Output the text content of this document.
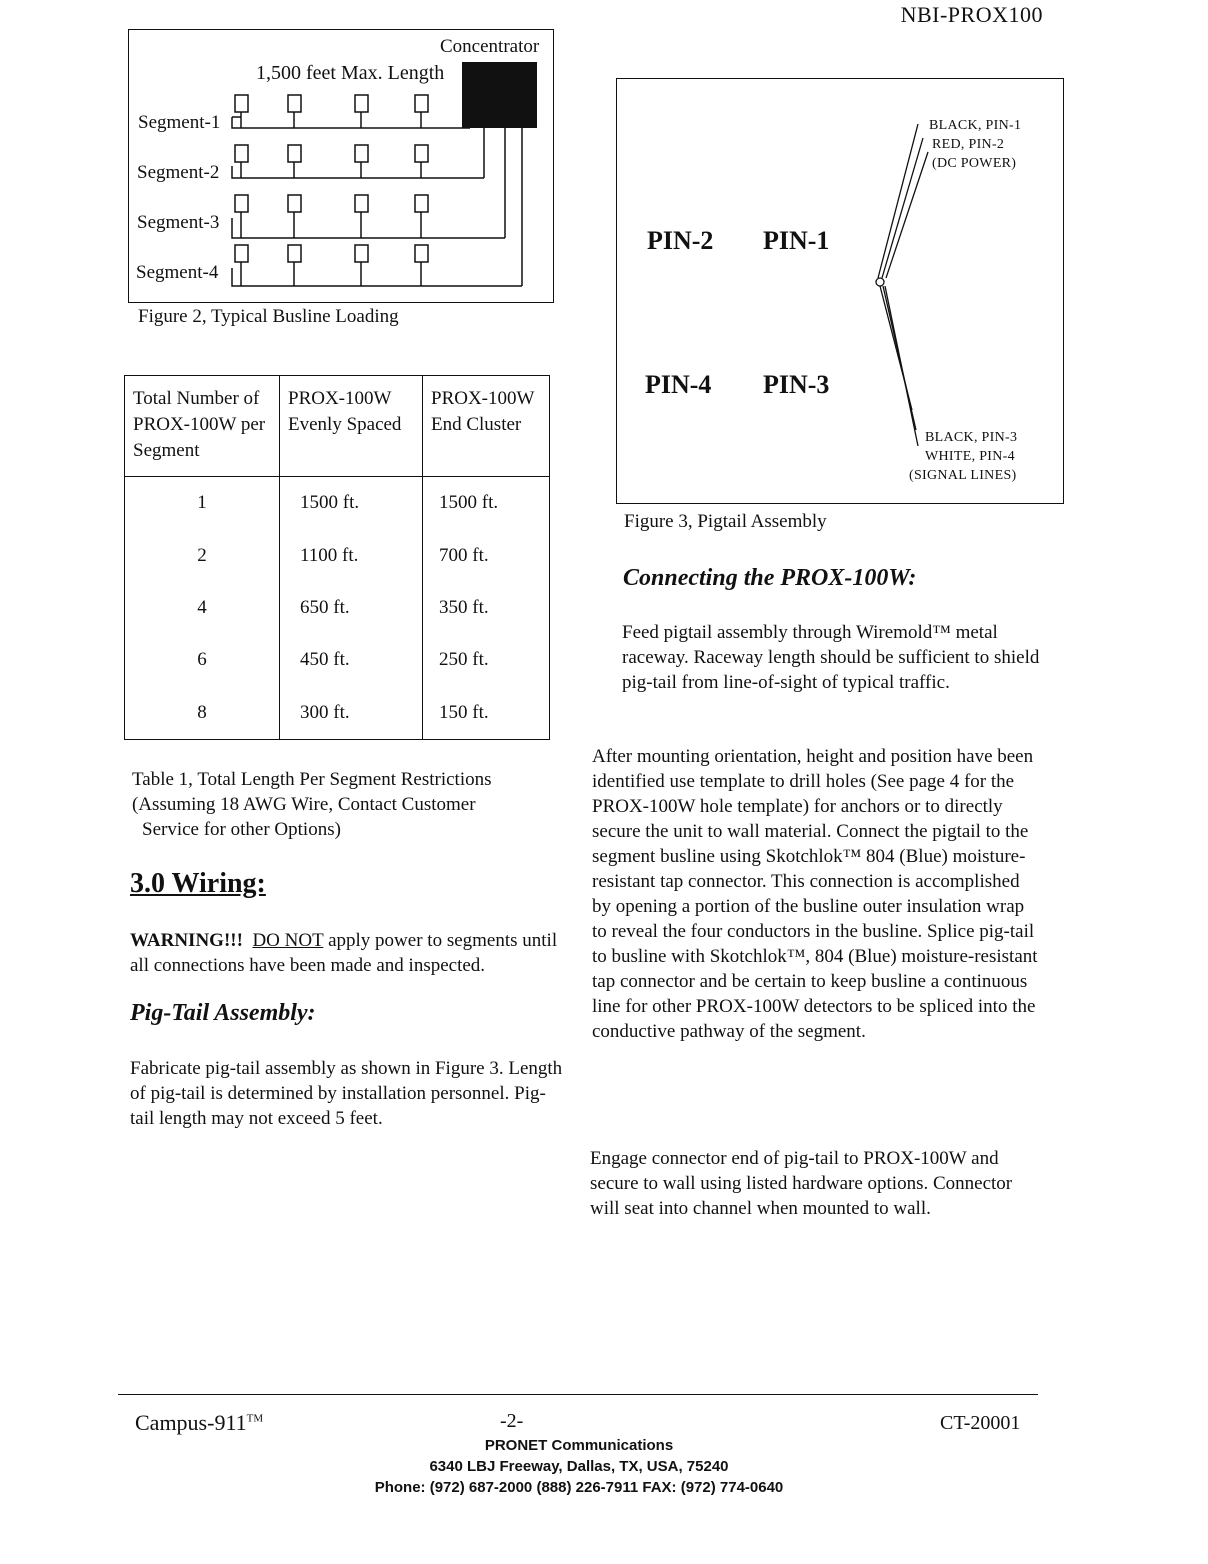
NBI-PROX100
Concentrator
1,500 feet Max. Length
Segment-1
Segment-2
Segment-3
Segment-4
Figure 2, Typical Busline Loading
Total Number of PROX-100W per Segment	PROX-100W Evenly Spaced	PROX-100W End Cluster
1	1500 ft.	1500 ft.
2	1100 ft.	700 ft.
4	650 ft.	350 ft.
6	450 ft.	250 ft.
8	300 ft.	150 ft.
Table 1, Total Length Per Segment Restrictions
(Assuming 18 AWG Wire, Contact Customer
Service for other Options)
3.0 Wiring:
WARNING!!! DO NOT apply power to segments until all connections have been made and inspected.
Pig-Tail Assembly:
Fabricate pig-tail assembly as shown in Figure 3. Length of pig-tail is determined by installation personnel. Pig-tail length may not exceed 5 feet.
PIN-2 PIN-1
PIN-4 PIN-3
BLACK, PIN-1
RED, PIN-2
(DC POWER)
BLACK, PIN-3
WHITE, PIN-4
(SIGNAL LINES)
Figure 3, Pigtail Assembly
Connecting the PROX-100W:
Feed pigtail assembly through Wiremold™ metal raceway. Raceway length should be sufficient to shield pig-tail from line-of-sight of typical traffic.
After mounting orientation, height and position have been identified use template to drill holes (See page 4 for the PROX-100W hole template) for anchors or to directly secure the unit to wall material. Connect the pigtail to the segment busline using Skotchlok™ 804 (Blue) moisture-resistant tap connector. This connection is accomplished by opening a portion of the busline outer insulation wrap to reveal the four conductors in the busline. Splice pig-tail to busline with Skotchlok™, 804 (Blue) moisture-resistant tap connector and be certain to keep busline a continuous line for other PROX-100W detectors to be spliced into the conductive pathway of the segment.
Engage connector end of pig-tail to PROX-100W and secure to wall using listed hardware options. Connector will seat into channel when mounted to wall.
Campus-911™	-2-	CT-20001
PRONET Communications
6340 LBJ Freeway, Dallas, TX, USA, 75240
Phone: (972) 687-2000 (888) 226-7911 FAX: (972) 774-0640
